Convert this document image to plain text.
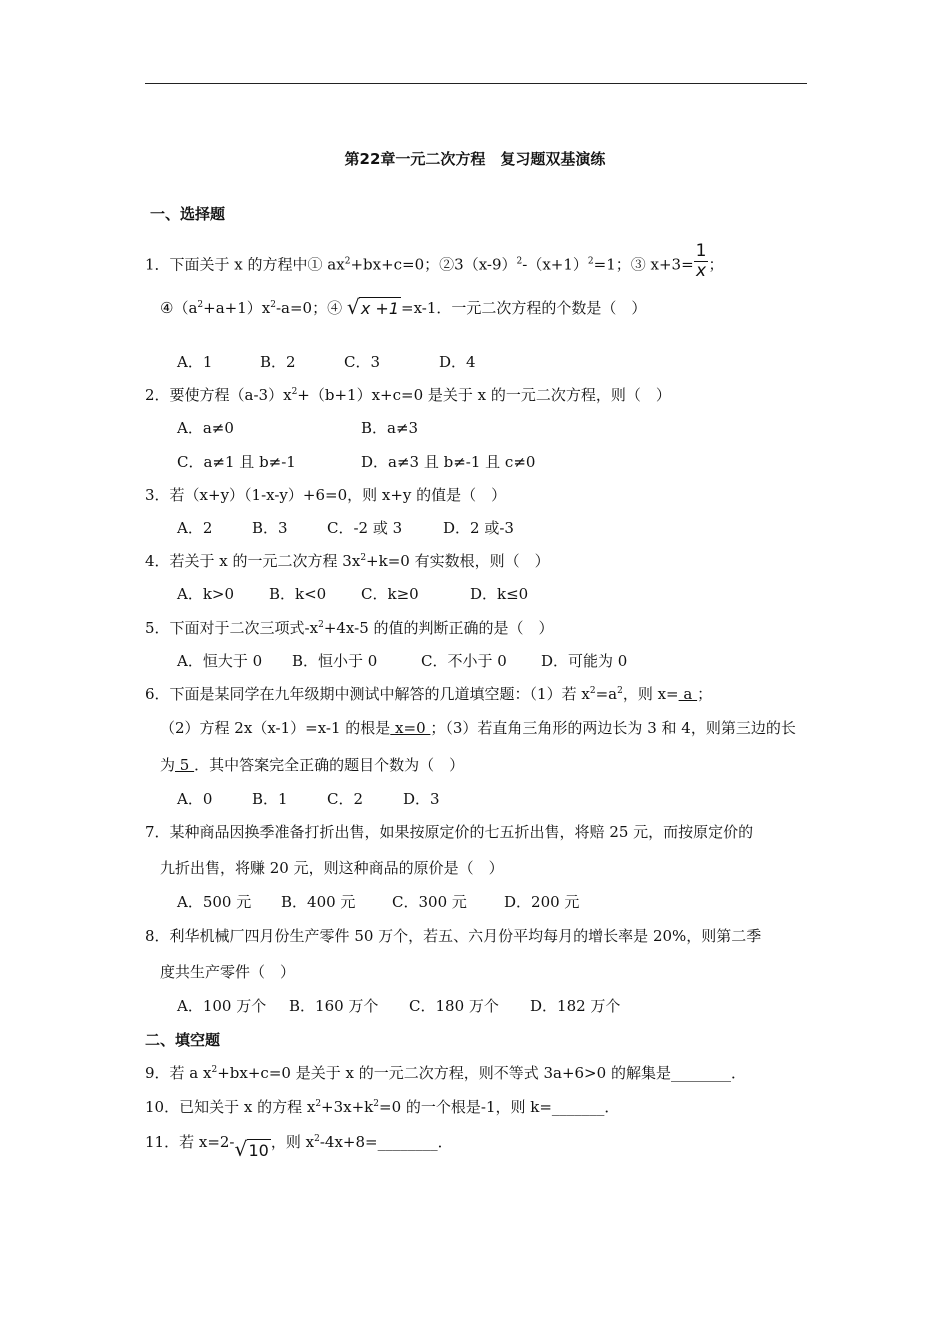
第22章一元二次方程　复习题双基演练
一、选择题
1．下面关于 x 的方程中① $ax^2+bx+c=0$；$②3(x-9)^2-(x+1)^2=1$；③ $x+3= \frac{1}{x}$ ；
$④(a^2+a+1)x^2-a=0$；④ √ x +1 =x-1．一元二次方程的个数是（　）
A．1	B．2	C．3	D．4
2．要使方程$(a-3)x^2+(b+1)x+c=0$ 是关于 x 的一元二次方程，则（　）
A．a≠0	B．a≠3
C．a≠1 且 b≠-1	D．a≠3 且 b≠-1 且 c≠0
3．若（x+y）（1-x-y）+6=0，则 x+y 的值是（　）
A．2	B．3	C．-2 或 3	D．2 或-3
4．若关于 x 的一元二次方程 $3x^2+k=0$ 有实数根，则（　）
A．k>0 B．k<0 C．k≥0	D．k≤0
5．下面对于二次三项式$-x^2+4x-5$ 的值的判断正确的是（　）
A．恒大于 0 B．恒小于 0	C．不小于 0 D．可能为 0
6．下面是某同学在九年级期中测试中解答的几道填空题：（1）若 $x^2=a^2$，则 x= a ；
（2）方程 2x（x-1）=x-1 的根是 x=0 ；（3）若直角三角形的两边长为 3 和 4，则第三边的长
为 5 ．其中答案完全正确的题目个数为（　）
A．0	B．1	C．2	D．3
7．某种商品因换季准备打折出售，如果按原定价的七五折出售，将赔 25 元，而按原定价的
九折出售，将赚 20 元，则这种商品的原价是（　）
A．500 元 B．400 元 C．300 元 D．200 元
8．利华机械厂四月份生产零件 50 万个，若五、六月份平均每月的增长率是 20%，则第二季
度共生产零件（　）
A．100 万个 B．160 万个 C．180 万个 D．182 万个
二、填空题
9．若 a $x^2+bx+c=0$ 是关于 x 的一元二次方程，则不等式 3a+6>0 的解集是________．
10．已知关于 x 的方程 $x^2+3x+k^2=0$ 的一个根是-1，则 k=_______．
11．若 x=2- √ 10 ，则 $x^2-4x+8=\_\_\_\_\_\_\_\_$．
